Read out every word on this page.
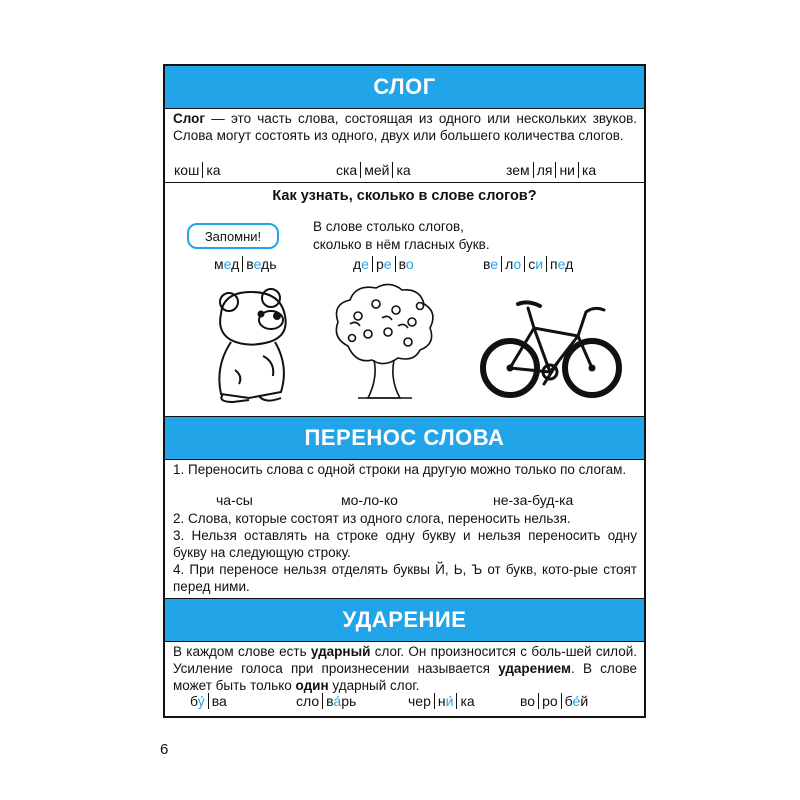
СЛОГ
Слог — это часть слова, состоящая из одного или нескольких звуков. Слова могут состоять из одного, двух или большего количества слогов.
кош ка	ска мей ка	зем ля ни ка
Как узнать, сколько в слове слогов?
Запомни!
В слове столько слогов,
сколько в нём гласных букв.
мед ведь	де ре во	ве ло си пед
ПЕРЕНОС СЛОВА
1. Переносить слова с одной строки на другую можно только по слогам.
ча-сы	мо-ло-ко	не-за-буд-ка
2. Слова, которые состоят из одного слога, переносить нельзя.
3. Нельзя оставлять на строке одну букву и нельзя переносить одну букву на следующую строку.
4. При переносе нельзя отделять буквы Й, Ь, Ъ от букв, кото-рые стоят перед ними.
УДАРЕНИЕ
В каждом слове есть ударный слог. Он произносится с боль-шей силой. Усиление голоса при произнесении называется ударением. В слове может быть только один ударный слог.
бу́ ва	сло ва́рь	чер ни́ ка	во ро бе́й
6
